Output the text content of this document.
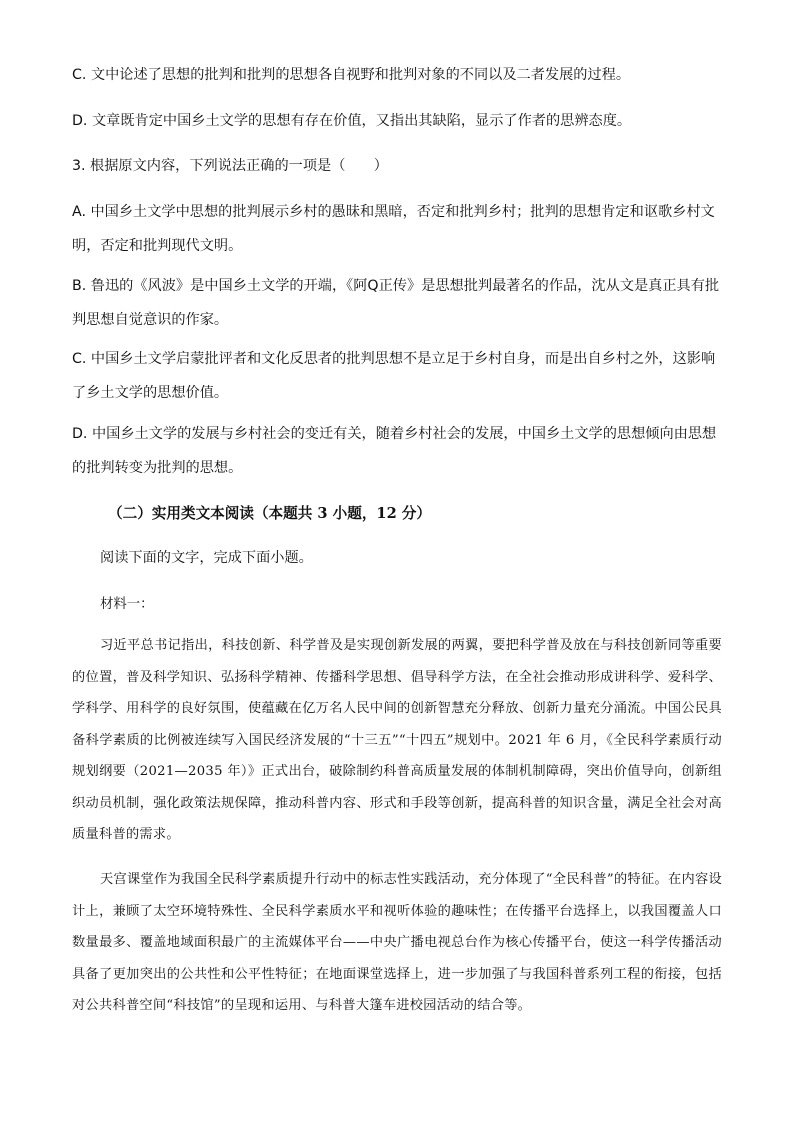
C. 文中论述了思想的批判和批判的思想各自视野和批判对象的不同以及二者发展的过程。

D. 文章既肯定中国乡土文学的思想有存在价值，又指出其缺陷，显示了作者的思辨态度。

3. 根据原文内容，下列说法正确的一项是（　　）

A. 中国乡土文学中思想的批判展示乡村的愚昧和黑暗，否定和批判乡村；批判的思想肯定和讴歌乡村文明，否定和批判现代文明。

B. 鲁迅的《风波》是中国乡土文学的开端，《阿Q正传》是思想批判最著名的作品，沈从文是真正具有批判思想自觉意识的作家。

C. 中国乡土文学启蒙批评者和文化反思者的批判思想不是立足于乡村自身，而是出自乡村之外，这影响了乡土文学的思想价值。

D. 中国乡土文学的发展与乡村社会的变迁有关，随着乡村社会的发展，中国乡土文学的思想倾向由思想的批判转变为批判的思想。

（二）实用类文本阅读（本题共 3 小题，12 分）

阅读下面的文字，完成下面小题。

材料一：

习近平总书记指出，科技创新、科学普及是实现创新发展的两翼，要把科学普及放在与科技创新同等重要的位置，普及科学知识、弘扬科学精神、传播科学思想、倡导科学方法，在全社会推动形成讲科学、爱科学、学科学、用科学的良好氛围，使蕴藏在亿万名人民中间的创新智慧充分释放、创新力量充分涌流。中国公民具备科学素质的比例被连续写入国民经济发展的“十三五”“十四五”规划中。2021 年 6 月，《全民科学素质行动规划纲要（2021—2035 年）》正式出台，破除制约科普高质量发展的体制机制障碍，突出价值导向，创新组织动员机制，强化政策法规保障，推动科普内容、形式和手段等创新，提高科普的知识含量，满足全社会对高质量科普的需求。

天宫课堂作为我国全民科学素质提升行动中的标志性实践活动，充分体现了“全民科普”的特征。在内容设计上，兼顾了太空环境特殊性、全民科学素质水平和视听体验的趣味性；在传播平台选择上，以我国覆盖人口数量最多、覆盖地域面积最广的主流媒体平台——中央广播电视总台作为核心传播平台，使这一科学传播活动具备了更加突出的公共性和公平性特征；在地面课堂选择上，进一步加强了与我国科普系列工程的衔接，包括对公共科普空间“科技馆”的呈现和运用、与科普大篷车进校园活动的结合等。
